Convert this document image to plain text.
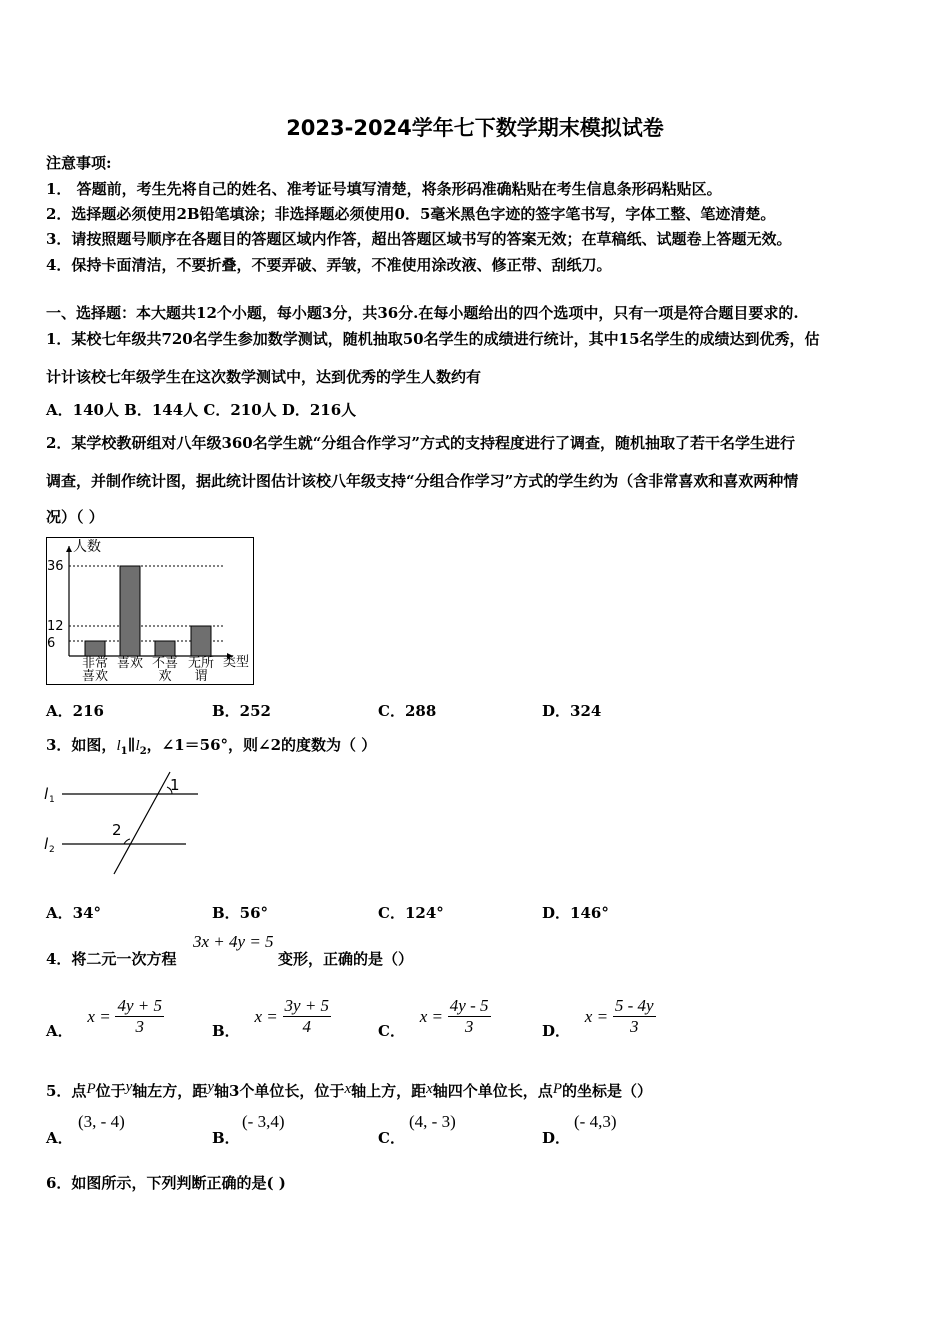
2023-2024学年七下数学期末模拟试卷
注意事项:
1． 答题前，考生先将自己的姓名、准考证号填写清楚，将条形码准确粘贴在考生信息条形码粘贴区。
2．选择题必须使用2B铅笔填涂；非选择题必须使用0．5毫米黑色字迹的签字笔书写，字体工整、笔迹清楚。
3．请按照题号顺序在各题目的答题区域内作答，超出答题区域书写的答案无效；在草稿纸、试题卷上答题无效。
4．保持卡面清洁，不要折叠，不要弄破、弄皱，不准使用涂改液、修正带、刮纸刀。
一、选择题：本大题共12个小题，每小题3分，共36分.在每小题给出的四个选项中，只有一项是符合题目要求的.
1．某校七年级共720名学生参加数学测试，随机抽取50名学生的成绩进行统计，其中15名学生的成绩达到优秀，估
计计该校七年级学生在这次数学测试中，达到优秀的学生人数约有
A．140人 B．144人 C．210人 D．216人
2．某学校教研组对八年级360名学生就“分组合作学习”方式的支持程度进行了调查，随机抽取了若干名学生进行
调查，并制作统计图，据此统计图估计该校八年级支持“分组合作学习”方式的学生约为（含非常喜欢和喜欢两种情
况）（ ）
人数
类型
36
12
6
非常
喜欢
喜欢 不喜
欢
无所
谓
A．216	B．252	C．288	D．324
3．如图，$l_1\parallel l_2$，∠1＝56°，则∠2的度数为（ ）
l 1
l 2
1
2
A．34°	B．56°	C．124°	D．146°
4．将二元一次方程
3x + 4y = 5
变形，正确的是（）
A． $x = \frac{4y + 5}{3}$	B． $x = \frac{3y + 5}{4}$	C． $x = \frac{4y - 5}{3}$	D． $x = \frac{5 - 4y}{3}$
5．点P位于y轴左方，距y轴3个单位长，位于x轴上方，距x轴四个单位长，点P的坐标是（）
A．
(3, - 4)
B．
(- 3,4)
C．
(4, - 3)
D．
(- 4,3)
6．如图所示，下列判断正确的是( )
